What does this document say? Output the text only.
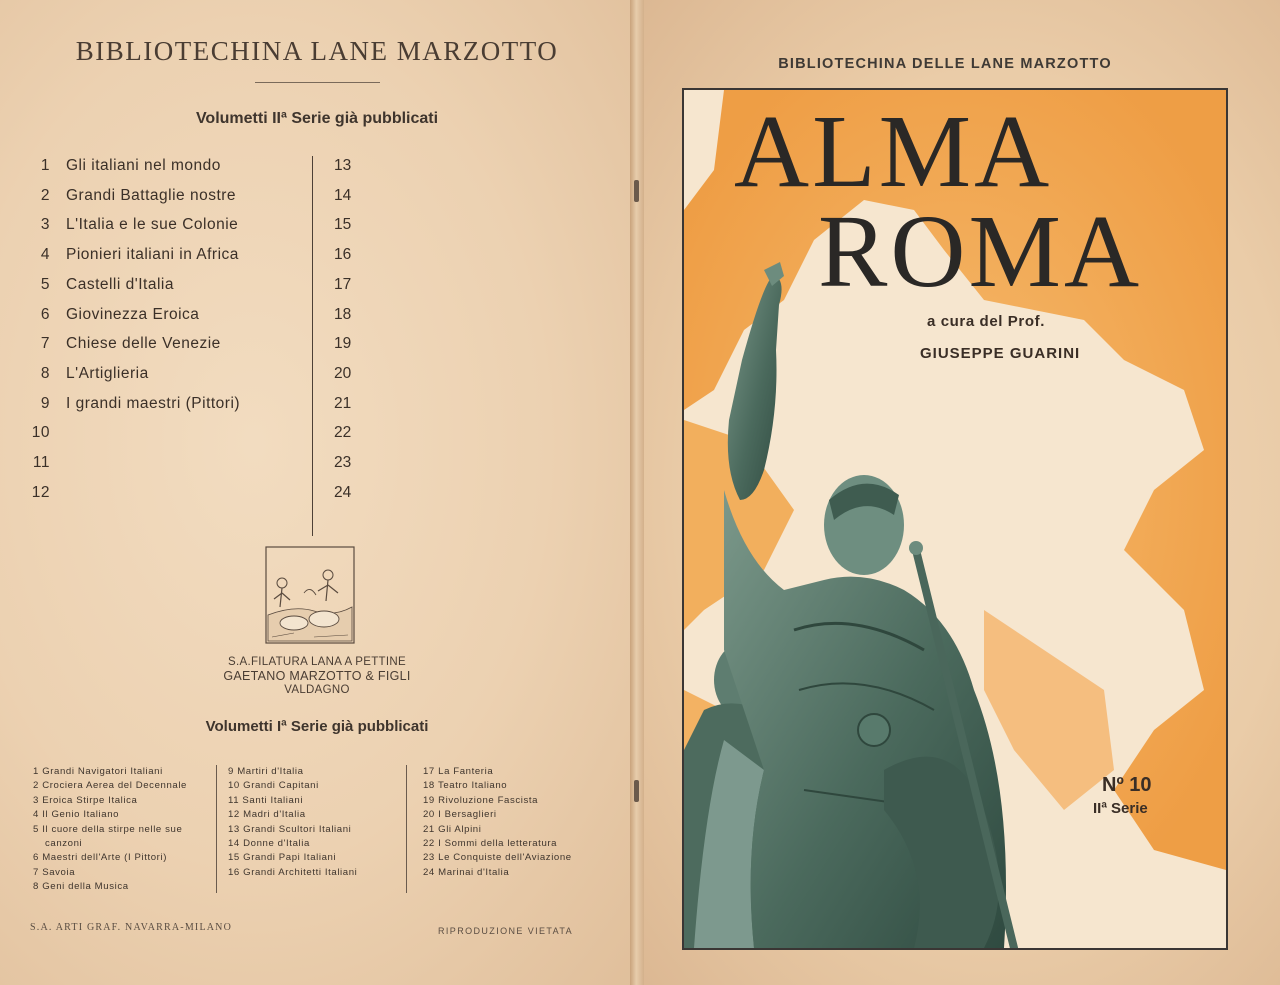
BIBLIOTECHINA LANE MARZOTTO
Volumetti IIª Serie già pubblicati
1 Gli italiani nel mondo	13
2 Grandi Battaglie nostre	14
3 L'Italia e le sue Colonie	15
4 Pionieri italiani in Africa	16
5 Castelli d'Italia	17
6 Giovinezza Eroica	18
7 Chiese delle Venezie	19
8 L'Artiglieria	20
9 I grandi maestri (Pittori)	21
10	22
11	23
12	24
S.A.FILATURA LANA A PETTINE
GAETANO MARZOTTO & FIGLI
VALDAGNO
Volumetti Iª Serie già pubblicati
1 Grandi Navigatori Italiani
2 Crociera Aerea del Decennale
3 Eroica Stirpe Italica
4 Il Genio Italiano
5 Il cuore della stirpe nelle sue
canzoni
6 Maestri dell'Arte (I Pittori)
7 Savoia
8 Geni della Musica
9 Martiri d'Italia
10 Grandi Capitani
11 Santi Italiani
12 Madri d'Italia
13 Grandi Scultori Italiani
14 Donne d'Italia
15 Grandi Papi Italiani
16 Grandi Architetti Italiani
17 La Fanteria
18 Teatro Italiano
19 Rivoluzione Fascista
20 I Bersaglieri
21 Gli Alpini
22 I Sommi della letteratura
23 Le Conquiste dell'Aviazione
24 Marinai d'Italia
S.A. ARTI GRAF. NAVARRA-MILANO	RIPRODUZIONE VIETATA
BIBLIOTECHINA DELLE LANE MARZOTTO
ALMA
ROMA
a cura del Prof.
GIUSEPPE GUARINI
Nº 10
IIª Serie
